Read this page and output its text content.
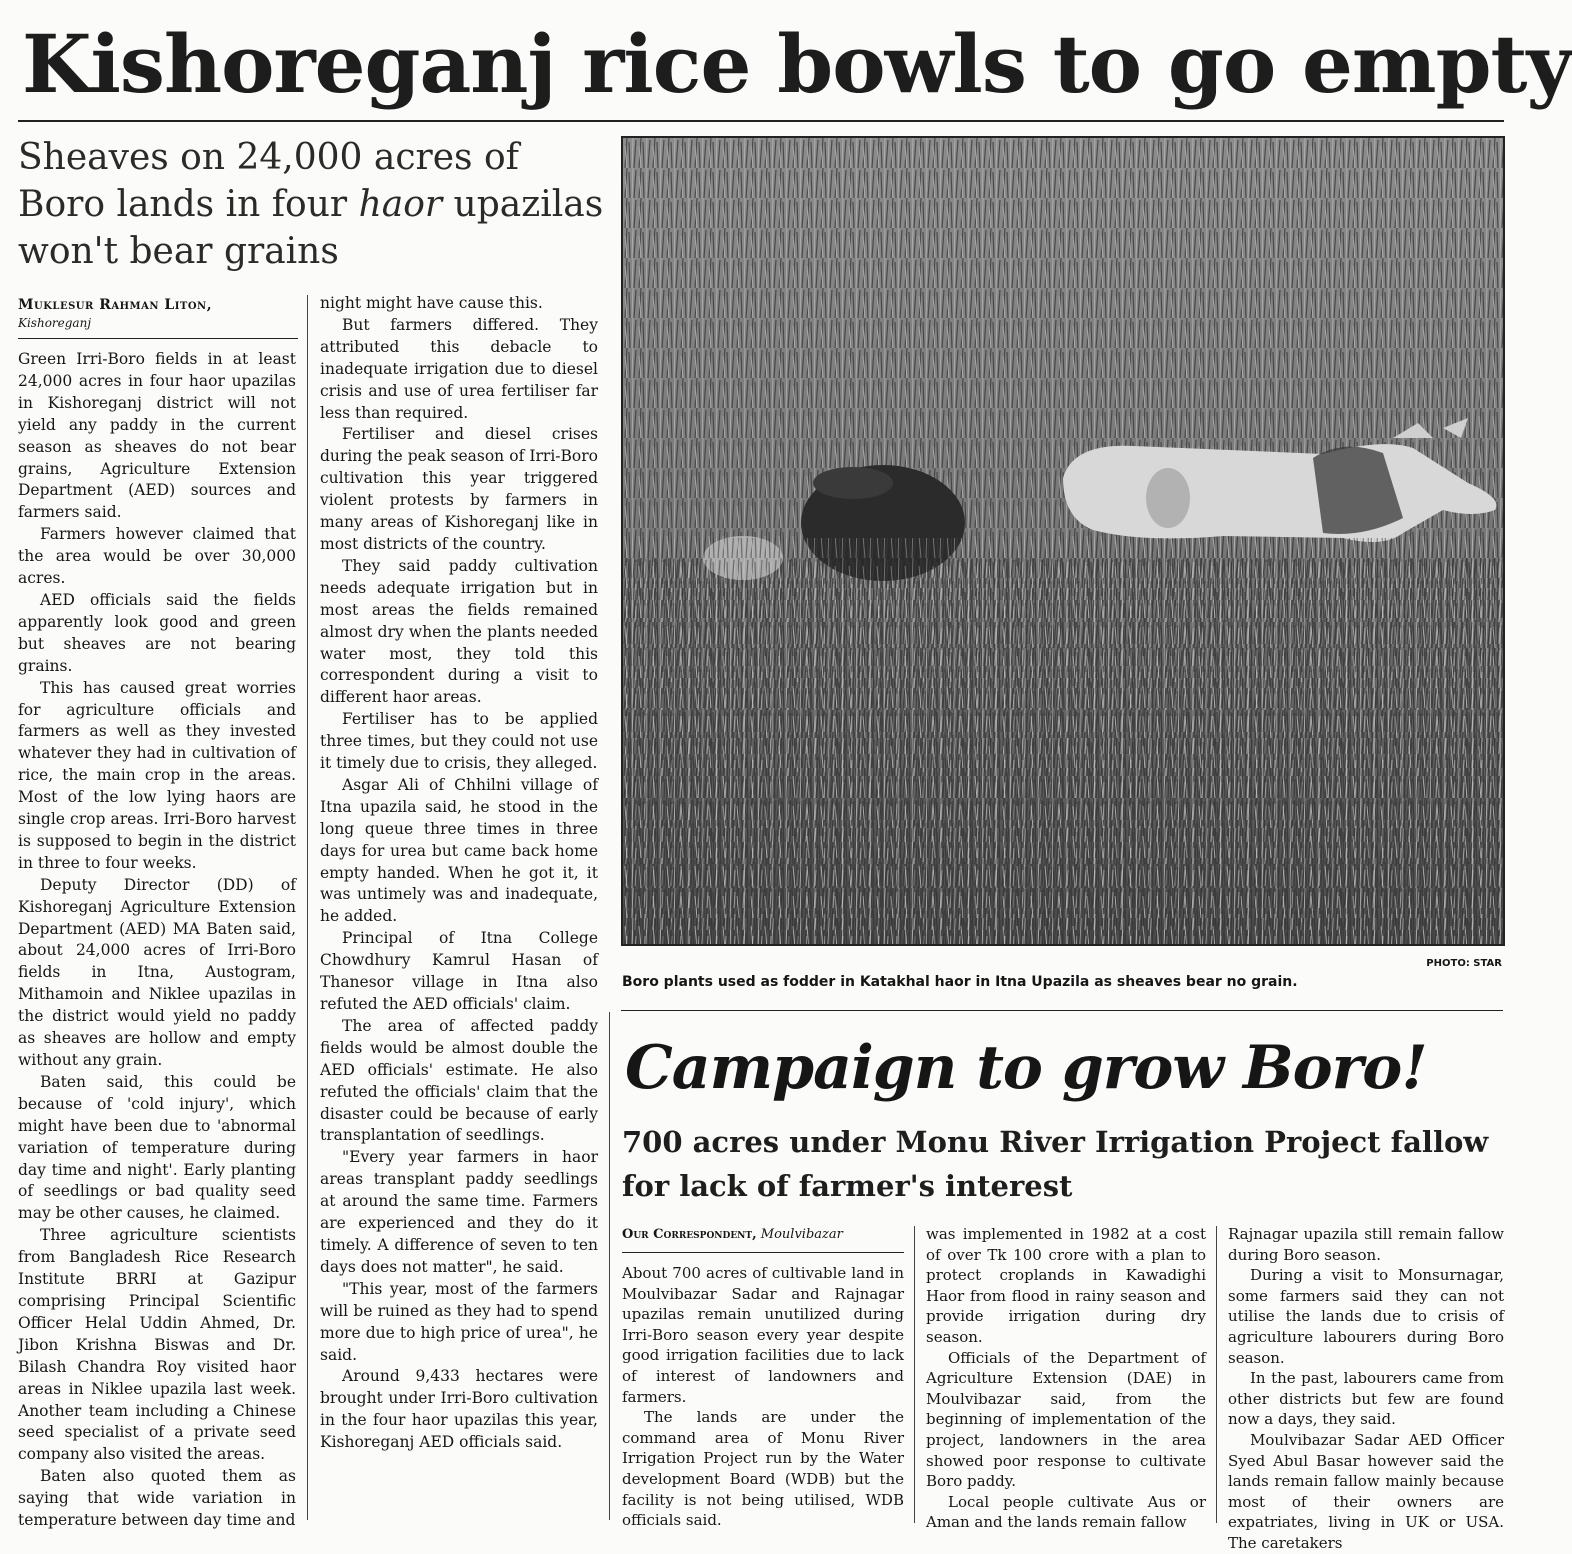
Kishoreganj rice bowls to go empty
Sheaves on 24,000 acres of Boro lands in four haor upazilas won't bear grains
Muklesur Rahman Liton,
Kishoreganj

Green Irri-Boro fields in at least 24,000 acres in four haor upazilas in Kishoreganj district will not yield any paddy in the current season as sheaves do not bear grains, Agriculture Extension Department (AED) sources and farmers said.

Farmers however claimed that the area would be over 30,000 acres.

AED officials said the fields apparently look good and green but sheaves are not bearing grains.

This has caused great worries for agriculture officials and farmers as well as they invested whatever they had in cultivation of rice, the main crop in the areas. Most of the low lying haors are single crop areas. Irri-Boro harvest is supposed to begin in the district in three to four weeks.

Deputy Director (DD) of Kishoreganj Agriculture Extension Department (AED) MA Baten said, about 24,000 acres of Irri-Boro fields in Itna, Austogram, Mithamoin and Niklee upazilas in the district would yield no paddy as sheaves are hollow and empty without any grain.

Baten said, this could be because of 'cold injury', which might have been due to 'abnormal variation of temperature during day time and night'. Early planting of seedlings or bad quality seed may be other causes, he claimed.

Three agriculture scientists from Bangladesh Rice Research Institute BRRI at Gazipur comprising Principal Scientific Officer Helal Uddin Ahmed, Dr. Jibon Krishna Biswas and Dr. Bilash Chandra Roy visited haor areas in Niklee upazila last week. Another team including a Chinese seed specialist of a private seed company also visited the areas.

Baten also quoted them as saying that wide variation in temperature between day time and

night might have cause this.

But farmers differed. They attributed this debacle to inadequate irrigation due to diesel crisis and use of urea fertiliser far less than required.

Fertiliser and diesel crises during the peak season of Irri-Boro cultivation this year triggered violent protests by farmers in many areas of Kishoreganj like in most districts of the country.

They said paddy cultivation needs adequate irrigation but in most areas the fields remained almost dry when the plants needed water most, they told this correspondent during a visit to different haor areas.

Fertiliser has to be applied three times, but they could not use it timely due to crisis, they alleged.

Asgar Ali of Chhilni village of Itna upazila said, he stood in the long queue three times in three days for urea but came back home empty handed. When he got it, it was untimely was and inadequate, he added.

Principal of Itna College Chowdhury Kamrul Hasan of Thanesor village in Itna also refuted the AED officials' claim.

The area of affected paddy fields would be almost double the AED officials' estimate. He also refuted the officials' claim that the disaster could be because of early transplantation of seedlings.

"Every year farmers in haor areas transplant paddy seedlings at around the same time. Farmers are experienced and they do it timely. A difference of seven to ten days does not matter", he said.

"This year, most of the farmers will be ruined as they had to spend more due to high price of urea", he said.

Around 9,433 hectares were brought under Irri-Boro cultivation in the four haor upazilas this year, Kishoreganj AED officials said.

PHOTO: STAR
Boro plants used as fodder in Katakhal haor in Itna Upazila as sheaves bear no grain.
Campaign to grow Boro!
700 acres under Monu River Irrigation Project fallow for lack of farmer's interest
Our Correspondent, Moulvibazar

About 700 acres of cultivable land in Moulvibazar Sadar and Rajnagar upazilas remain unutilized during Irri-Boro season every year despite good irrigation facilities due to lack of interest of landowners and farmers.

The lands are under the command area of Monu River Irrigation Project run by the Water development Board (WDB) but the facility is not being utilised, WDB officials said.

was implemented in 1982 at a cost of over Tk 100 crore with a plan to protect croplands in Kawadighi Haor from flood in rainy season and provide irrigation during dry season.

Officials of the Department of Agriculture Extension (DAE) in Moulvibazar said, from the beginning of implementation of the project, landowners in the area showed poor response to cultivate Boro paddy.

Local people cultivate Aus or Aman and the lands remain fallow

Rajnagar upazila still remain fallow during Boro season.

During a visit to Monsurnagar, some farmers said they can not utilise the lands due to crisis of agriculture labourers during Boro season.

In the past, labourers came from other districts but few are found now a days, they said.

Moulvibazar Sadar AED Officer Syed Abul Basar however said the lands remain fallow mainly because most of their owners are expatriates, living in UK or USA. The caretakers
